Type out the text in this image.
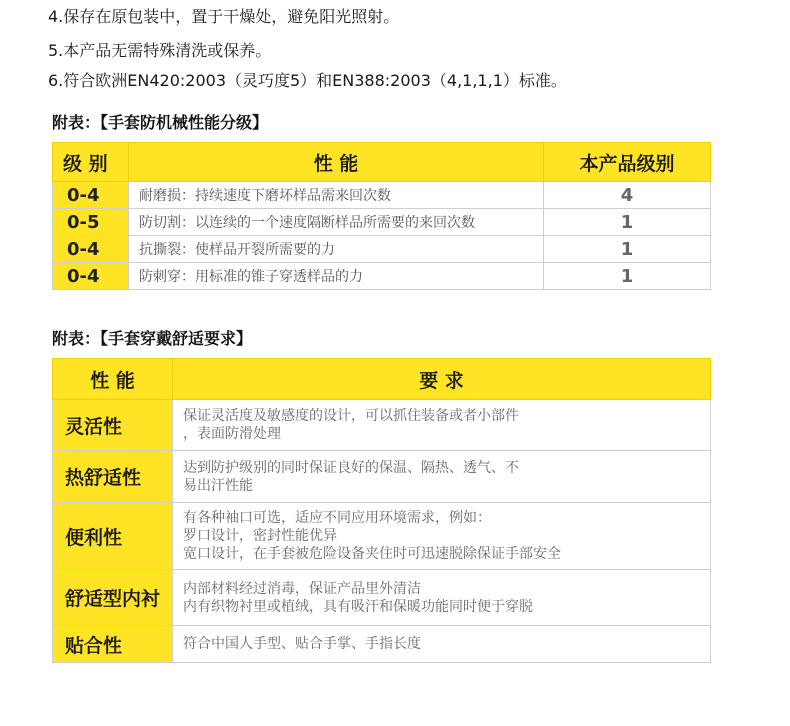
4.保存在原包装中，置于干燥处，避免阳光照射。
5.本产品无需特殊清洗或保养。
6.符合欧洲EN420:2003（灵巧度5）和EN388:2003（4,1,1,1）标准。
附表：【手套防机械性能分级】
级 别	性 能	本产品级别
0-4	耐磨损：持续速度下磨坏样品需来回次数	4
0-5	防切割：以连续的一个速度隔断样品所需要的来回次数	1
0-4	抗撕裂：使样品开裂所需要的力	1
0-4	防刺穿：用标准的锥子穿透样品的力	1
附表：【手套穿戴舒适要求】
性 能	要 求
灵活性	保证灵活度及敏感度的设计，可以抓住装备或者小部件
，表面防滑处理

热舒适性	达到防护级别的同时保证良好的保温、隔热、透气、不
易出汗性能

便利性	有各种袖口可选，适应不同应用环境需求，例如：
罗口设计，密封性能优异
宽口设计，在手套被危险设备夹住时可迅速脱除保证手部安全

舒适型内衬	内部材料经过消毒，保证产品里外清洁
内有织物衬里或植绒，具有吸汗和保暖功能同时便于穿脱

贴合性	符合中国人手型、贴合手掌、手指长度
